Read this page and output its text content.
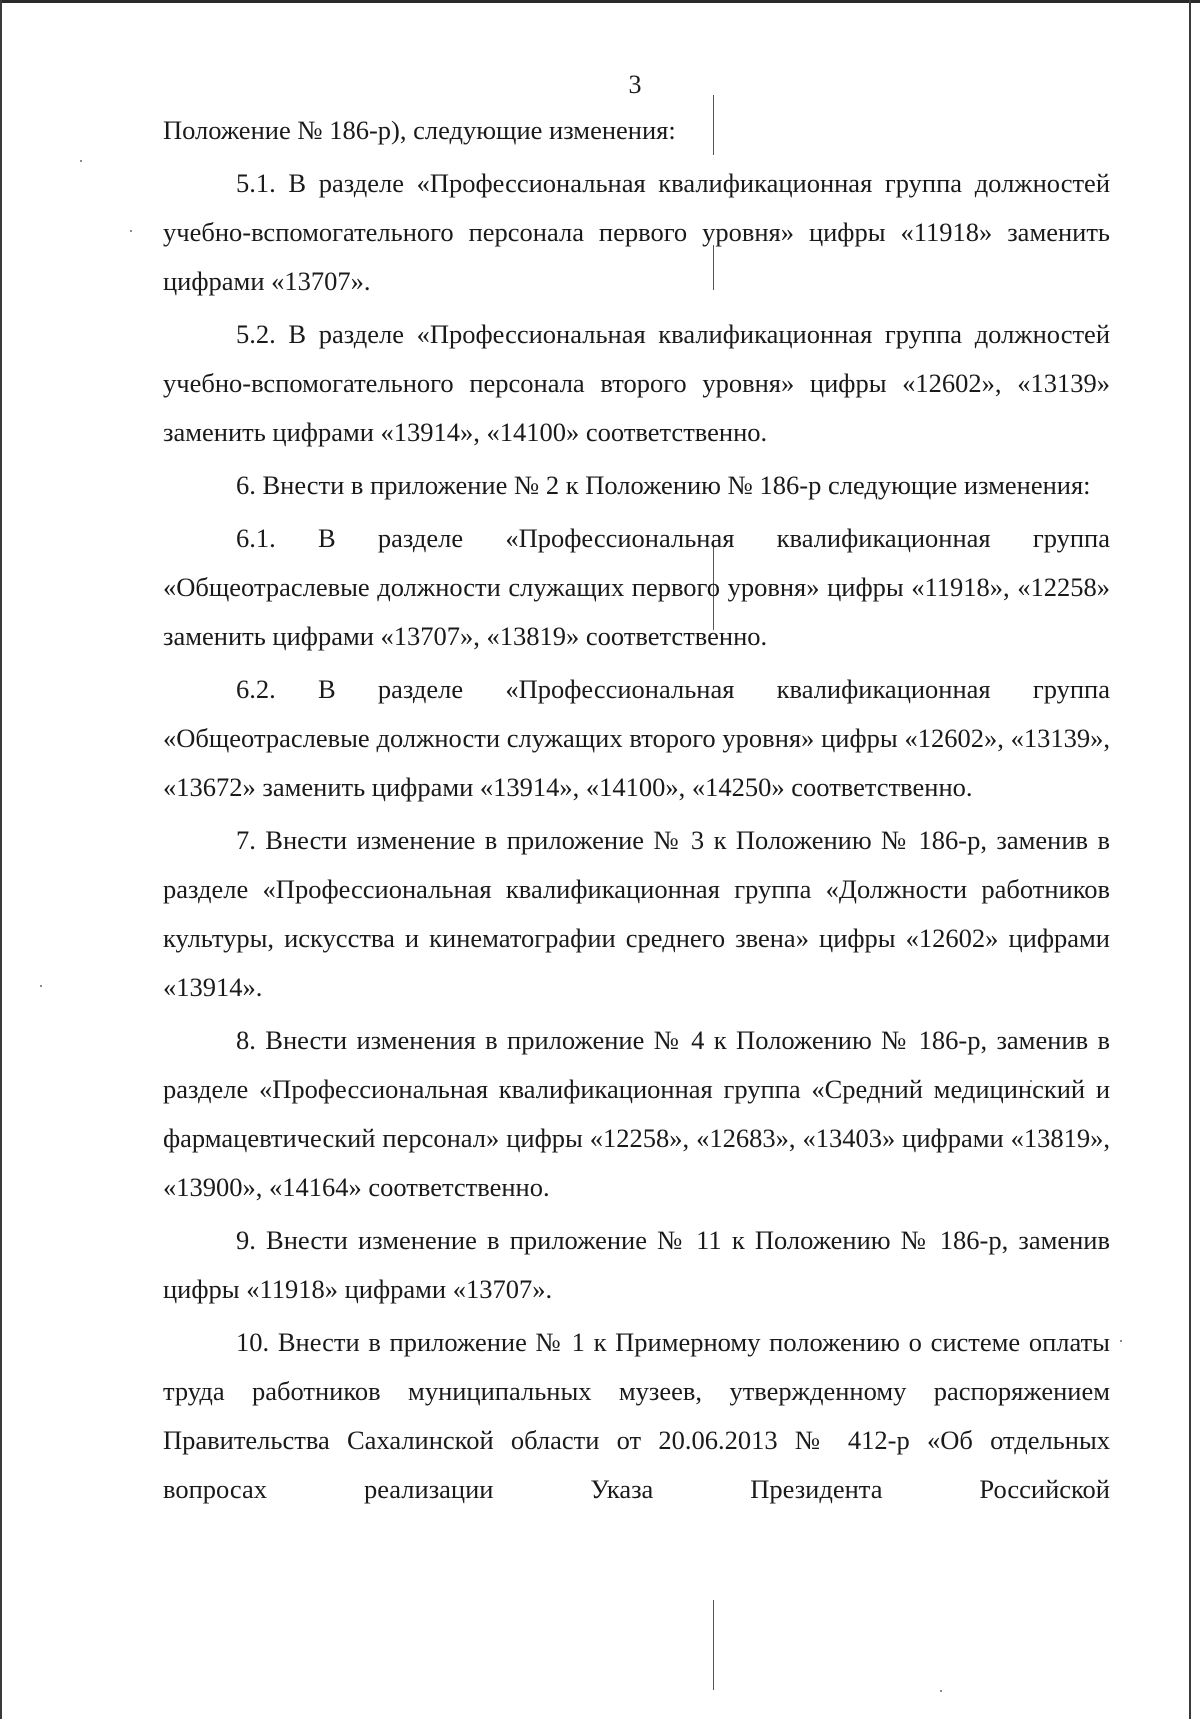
3

Положение № 186-р), следующие изменения:

5.1. В разделе «Профессиональная квалификационная группа должностей учебно-вспомогательного персонала первого уровня» цифры «11918» заменить цифрами «13707».

5.2. В разделе «Профессиональная квалификационная группа должностей учебно-вспомогательного персонала второго уровня» цифры «12602», «13139» заменить цифрами «13914», «14100» соответственно.

6. Внести в приложение № 2 к Положению № 186-р следующие изменения:

6.1. В разделе «Профессиональная квалификационная группа «Общеотраслевые должности служащих первого уровня» цифры «11918», «12258» заменить цифрами «13707», «13819» соответственно.

6.2. В разделе «Профессиональная квалификационная группа «Общеотраслевые должности служащих второго уровня» цифры «12602», «13139», «13672» заменить цифрами «13914», «14100», «14250» соответственно.

7. Внести изменение в приложение № 3 к Положению № 186-р, заменив в разделе «Профессиональная квалификационная группа «Должности работников культуры, искусства и кинематографии среднего звена» цифры «12602» цифрами «13914».

8. Внести изменения в приложение № 4 к Положению № 186-р, заменив в разделе «Профессиональная квалификационная группа «Средний медицинский и фармацевтический персонал» цифры «12258», «12683», «13403» цифрами «13819», «13900», «14164» соответственно.

9. Внести изменение в приложение № 11 к Положению № 186-р, заменив цифры «11918» цифрами «13707».

10. Внести в приложение № 1 к Примерному положению о системе оплаты труда работников муниципальных музеев, утвержденному распоряжением Правительства Сахалинской области от 20.06.2013 № 412-р «Об отдельных вопросах реализации Указа Президента Российской
